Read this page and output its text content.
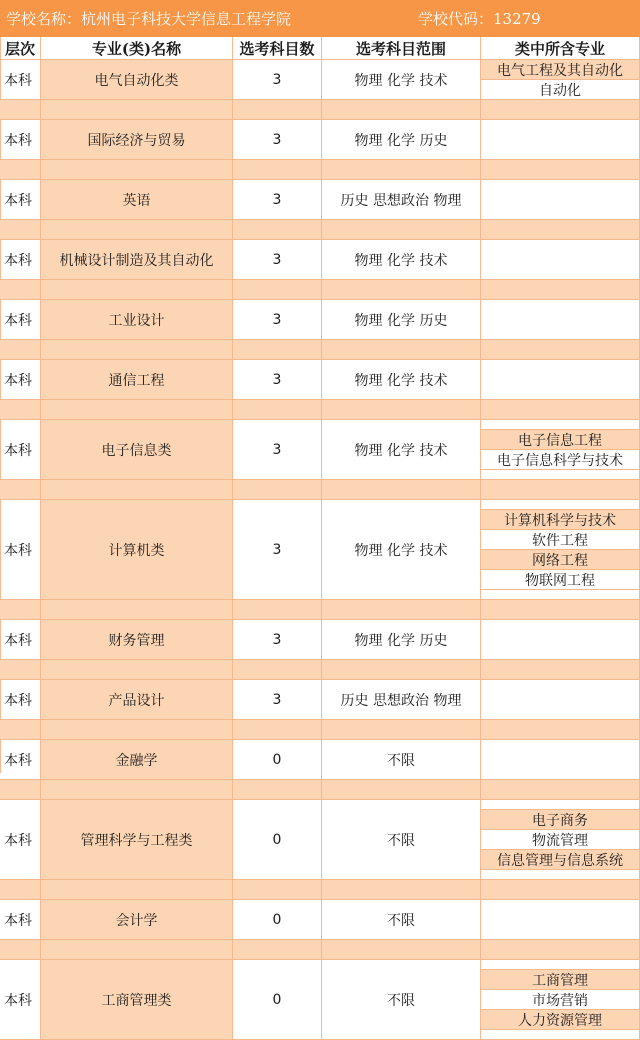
学校名称：杭州电子科技大学信息工程学院	学校代码：13279
层次	专业(类)名称	选考科目数	选考科目范围	类中所含专业
本科	电气自动化类	3	物理 化学 技术
电气工程及其自动化
自动化
本科	国际经济与贸易	3	物理 化学 历史
本科	英语	3	历史 思想政治 物理
本科	机械设计制造及其自动化	3	物理 化学 技术
本科	工业设计	3	物理 化学 历史
本科	通信工程	3	物理 化学 技术
本科	电子信息类	3	物理 化学 技术
电子信息工程
电子信息科学与技术
本科	计算机类	3	物理 化学 技术
计算机科学与技术
软件工程
网络工程
物联网工程
本科	财务管理	3	物理 化学 历史
本科	产品设计	3	历史 思想政治 物理
本科	金融学	0	不限
本科	管理科学与工程类	0	不限
电子商务
物流管理
信息管理与信息系统
本科	会计学	0	不限
本科	工商管理类	0	不限
工商管理
市场营销
人力资源管理
